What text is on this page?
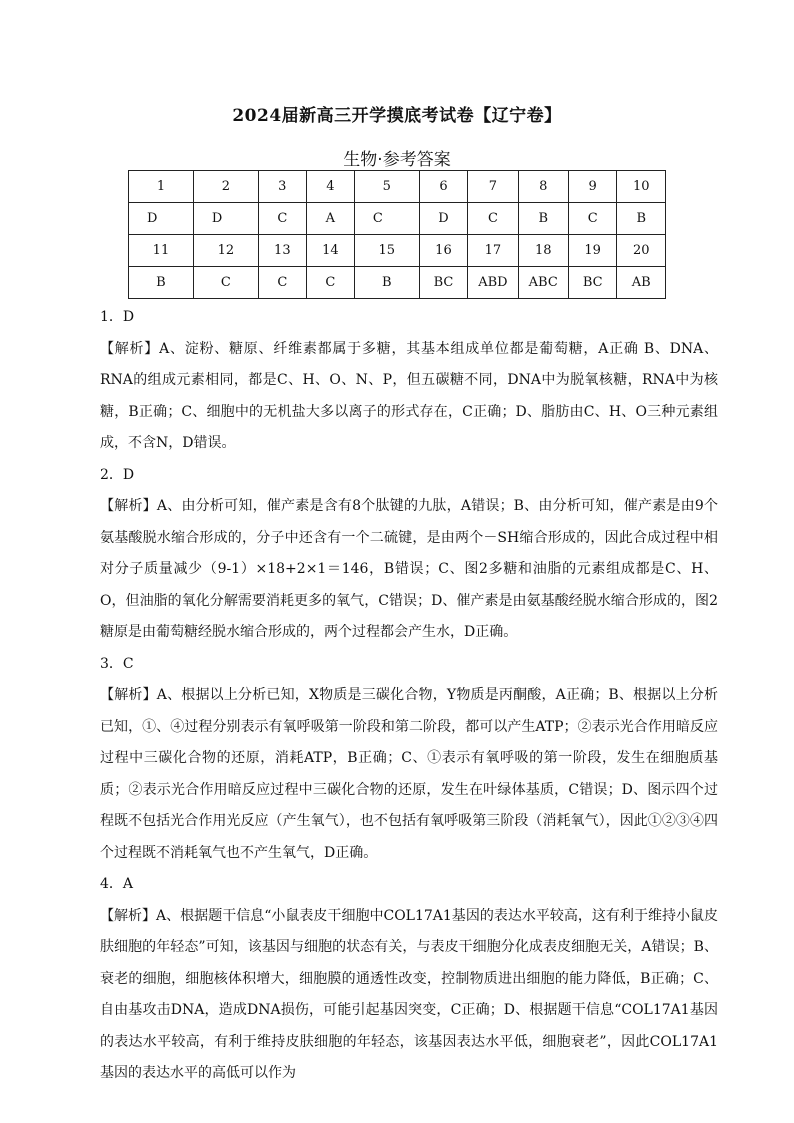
2024届新高三开学摸底考试卷【辽宁卷】
生物·参考答案
1	2	3	4	5	6	7	8	9	10
D	D	C	A	C	D	C	B	C	B
11	12	13	14	15	16	17	18	19	20
B	C	C	C	B	BC	ABD	ABC	BC	AB

1．D

【解析】A、淀粉、糖原、纤维素都属于多糖，其基本组成单位都是葡萄糖，A正确 B、DNA、RNA的组成元素相同，都是C、H、O、N、P，但五碳糖不同，DNA中为脱氧核糖，RNA中为核糖，B正确；C、细胞中的无机盐大多以离子的形式存在，C正确；D、脂肪由C、H、O三种元素组成，不含N，D错误。

2．D

【解析】A、由分析可知，催产素是含有8个肽键的九肽，A错误；B、由分析可知，催产素是由9个氨基酸脱水缩合形成的，分子中还含有一个二硫键，是由两个－SH缩合形成的，因此合成过程中相对分子质量减少（9-1）×18+2×1＝146，B错误；C、图2多糖和油脂的元素组成都是C、H、O，但油脂的氧化分解需要消耗更多的氧气，C错误；D、催产素是由氨基酸经脱水缩合形成的，图2糖原是由葡萄糖经脱水缩合形成的，两个过程都会产生水，D正确。

3．C

【解析】A、根据以上分析已知，X物质是三碳化合物，Y物质是丙酮酸，A正确；B、根据以上分析已知，①、④过程分别表示有氧呼吸第一阶段和第二阶段，都可以产生ATP；②表示光合作用暗反应过程中三碳化合物的还原，消耗ATP，B正确；C、①表示有氧呼吸的第一阶段，发生在细胞质基质；②表示光合作用暗反应过程中三碳化合物的还原，发生在叶绿体基质，C错误；D、图示四个过程既不包括光合作用光反应（产生氧气），也不包括有氧呼吸第三阶段（消耗氧气），因此①②③④四个过程既不消耗氧气也不产生氧气，D正确。

4．A

【解析】A、根据题干信息“小鼠表皮干细胞中COL17A1基因的表达水平较高，这有利于维持小鼠皮肤细胞的年轻态”可知，该基因与细胞的状态有关，与表皮干细胞分化成表皮细胞无关，A错误；B、衰老的细胞，细胞核体积增大，细胞膜的通透性改变，控制物质进出细胞的能力降低，B正确；C、自由基攻击DNA，造成DNA损伤，可能引起基因突变，C正确；D、根据题干信息“COL17A1基因的表达水平较高，有利于维持皮肤细胞的年轻态，该基因表达水平低，细胞衰老”，因此COL17A1基因的表达水平的高低可以作为
